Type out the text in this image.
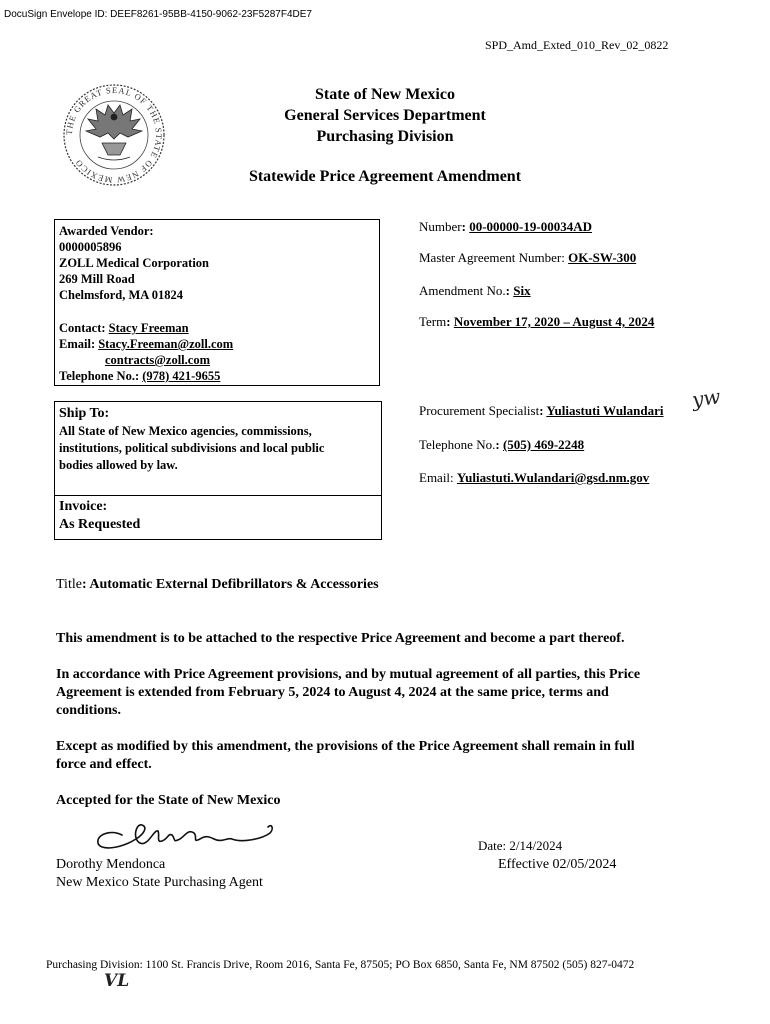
DocuSign Envelope ID: DEEF8261-95BB-4150-9062-23F5287F4DE7
SPD_Amd_Exted_010_Rev_02_0822
THE GREAT SEAL OF THE STATE OF NEW MEXICO
State of New Mexico
General Services Department
Purchasing Division
Statewide Price Agreement Amendment
Awarded Vendor:
0000005896
ZOLL Medical Corporation
269 Mill Road
Chelmsford, MA 01824
Contact: Stacy Freeman
Email: Stacy.Freeman@zoll.com
contracts@zoll.com
Telephone No.: (978) 421-9655
Number: 00-00000-19-00034AD
Master Agreement Number: OK-SW-300
Amendment No.: Six
Term: November 17, 2020 – August 4, 2024
Ship To:
All State of New Mexico agencies, commissions,
institutions, political subdivisions and local public
bodies allowed by law.
Invoice:
As Requested
Procurement Specialist: Yuliastuti Wulandari yw
Telephone No.: (505) 469-2248
Email: Yuliastuti.Wulandari@gsd.nm.gov
Title: Automatic External Defibrillators & Accessories
This amendment is to be attached to the respective Price Agreement and become a part thereof.
In accordance with Price Agreement provisions, and by mutual agreement of all parties, this Price
Agreement is extended from February 5, 2024 to August 4, 2024 at the same price, terms and
conditions.
Except as modified by this amendment, the provisions of the Price Agreement shall remain in full
force and effect.
Accepted for the State of New Mexico
Dorothy Mendonca
New Mexico State Purchasing Agent
Date: 2/14/2024
Effective 02/05/2024
Purchasing Division: 1100 St. Francis Drive, Room 2016, Santa Fe, 87505; PO Box 6850, Santa Fe, NM 87502 (505) 827-0472
VL
